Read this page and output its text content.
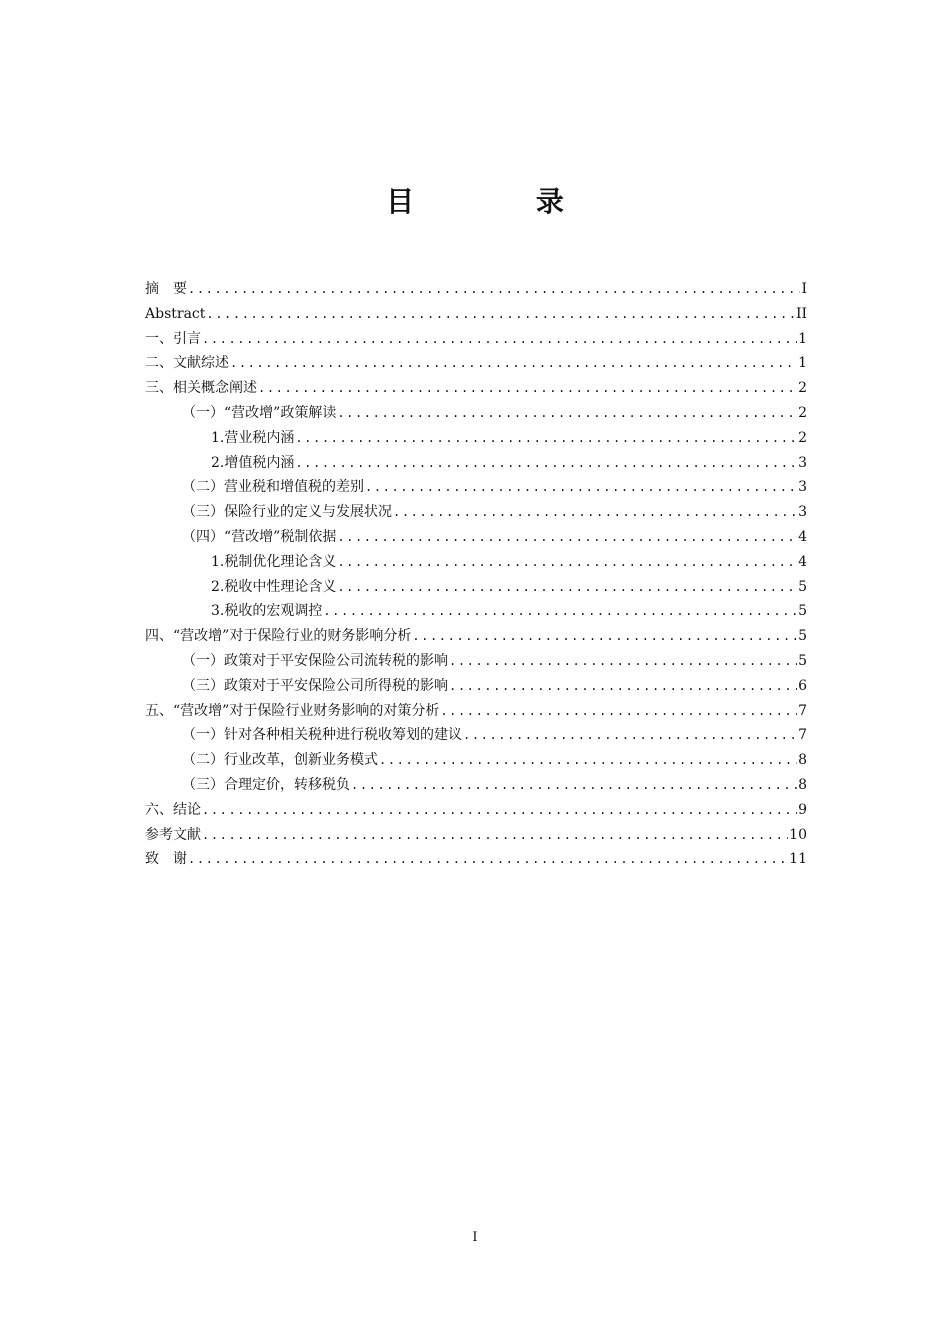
目 录
摘　要 .....	I
Abstract .....	II
一、引言 .....	1
二、文献综述 .....	1
三、相关概念阐述 .....	2
（一）“营改增”政策解读 .....	2
1.营业税内涵 .....	2
2.增值税内涵 .....	3
（二）营业税和增值税的差别 .....	3
（三）保险行业的定义与发展状况 .....	3
（四）“营改增”税制依据 .....	4
1.税制优化理论含义 .....	4
2.税收中性理论含义 .....	5
3.税收的宏观调控 .....	5
四、“营改增”对于保险行业的财务影响分析 .....	5
（一）政策对于平安保险公司流转税的影响 .....	5
（三）政策对于平安保险公司所得税的影响 .....	6
五、“营改增”对于保险行业财务影响的对策分析 .....	7
（一）针对各种相关税种进行税收筹划的建议 .....	7
（二）行业改革，创新业务模式 .....	8
（三）合理定价，转移税负 .....	8
六、结论 .....	9
参考文献 .....	10
致　谢 .....	11
I
